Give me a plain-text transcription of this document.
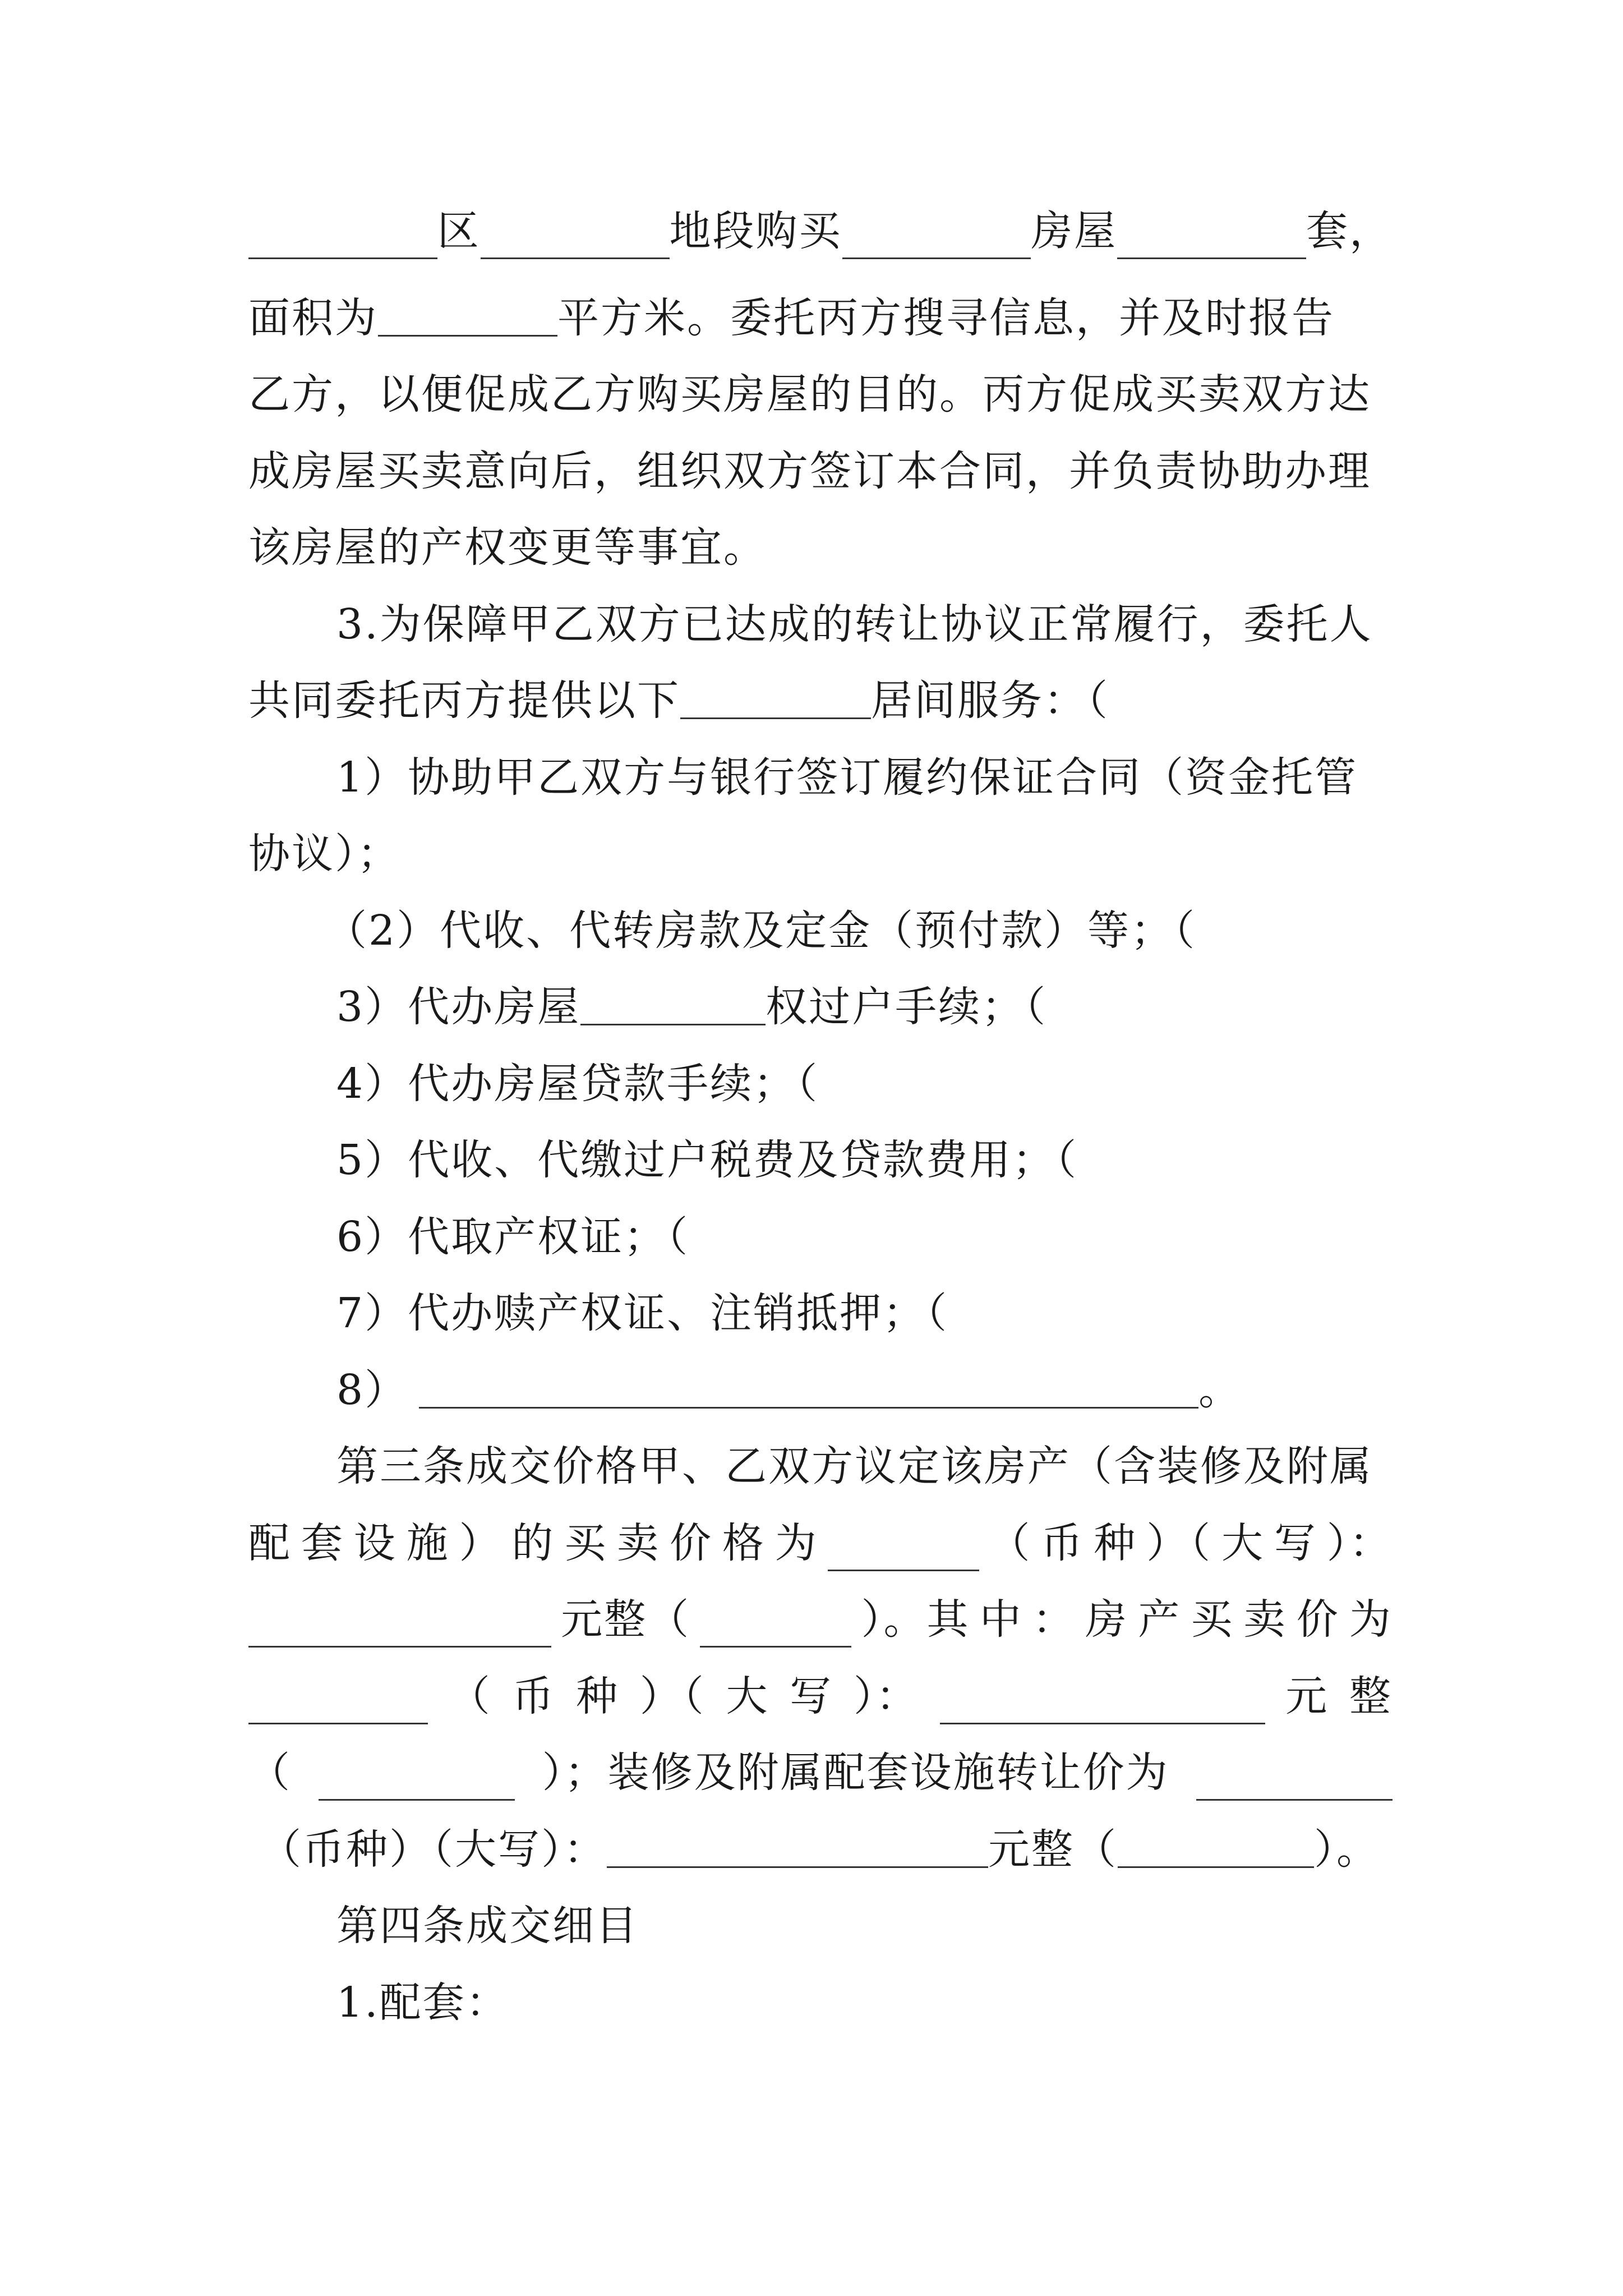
区	地段购买	房屋	套，
面积为	平方米。委托丙方搜寻信息，并及时报告
乙方，以便促成乙方购买房屋的目的。丙方促成买卖双方达
成房屋买卖意向后，组织双方签订本合同，并负责协助办理
该房屋的产权变更等事宜。
3.为保障甲乙双方已达成的转让协议正常履行，委托人
共同委托丙方提供以下	居间服务：（
1）协助甲乙双方与银行签订履约保证合同（资金托管
协议）；
（2）代收、代转房款及定金（预付款）等；（
3）代办房屋	权过户手续；（
4）代办房屋贷款手续；（
5）代收、代缴过户税费及贷款费用；（
6）代取产权证；（
7）代办赎产权证、注销抵押；（
8）	。
第三条成交价格甲、乙双方议定该房产（含装修及附属
配 套 设 施 ） 的 买 卖 价 格 为	（ 币 种 ）（ 大 写 ）：
元整（	）。其 中 ： 房 产 买 卖 价 为
（ 币 种 ）（ 大 写 ）：	元 整
（	）；装修及附属配套设施转让价为
（币种）（大写）：	元整（	）。
第四条成交细目
1.配套：
